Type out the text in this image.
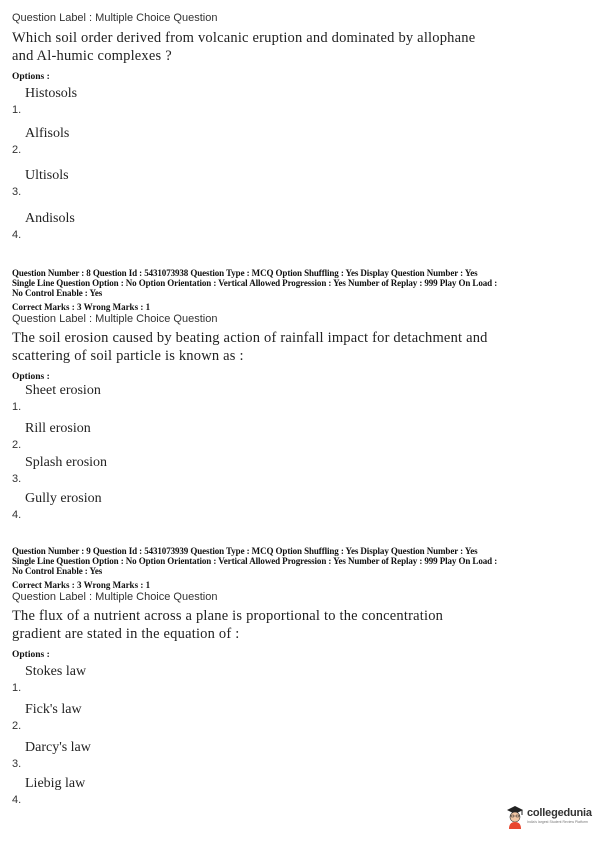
Question Label : Multiple Choice Question

Which soil order derived from volcanic eruption and dominated by allophane

and Al-humic complexes ?

Options :

1.
Histosols
2.
Alfisols
3.
Ultisols
4.
Andisols

Question Number : 8 Question Id : 5431073938 Question Type : MCQ Option Shuffling : Yes Display Question Number : Yes

Single Line Question Option : No Option Orientation : Vertical Allowed Progression : Yes Number of Replay : 999 Play On Load :

No Control Enable : Yes

Correct Marks : 3 Wrong Marks : 1

Question Label : Multiple Choice Question

The soil erosion caused by beating action of rainfall impact for detachment and

scattering of soil particle is known as :

Options :

1.
Sheet erosion
2.
Rill erosion
3.
Splash erosion
4.
Gully erosion

Question Number : 9 Question Id : 5431073939 Question Type : MCQ Option Shuffling : Yes Display Question Number : Yes

Single Line Question Option : No Option Orientation : Vertical Allowed Progression : Yes Number of Replay : 999 Play On Load :

No Control Enable : Yes

Correct Marks : 3 Wrong Marks : 1

Question Label : Multiple Choice Question

The flux of a nutrient across a plane is proportional to the concentration

gradient are stated in the equation of :

Options :

1.
Stokes law
2.
Fick's law
3.
Darcy's law
4.
Liebig law
collegedunia
India's largest Student Review Platform
